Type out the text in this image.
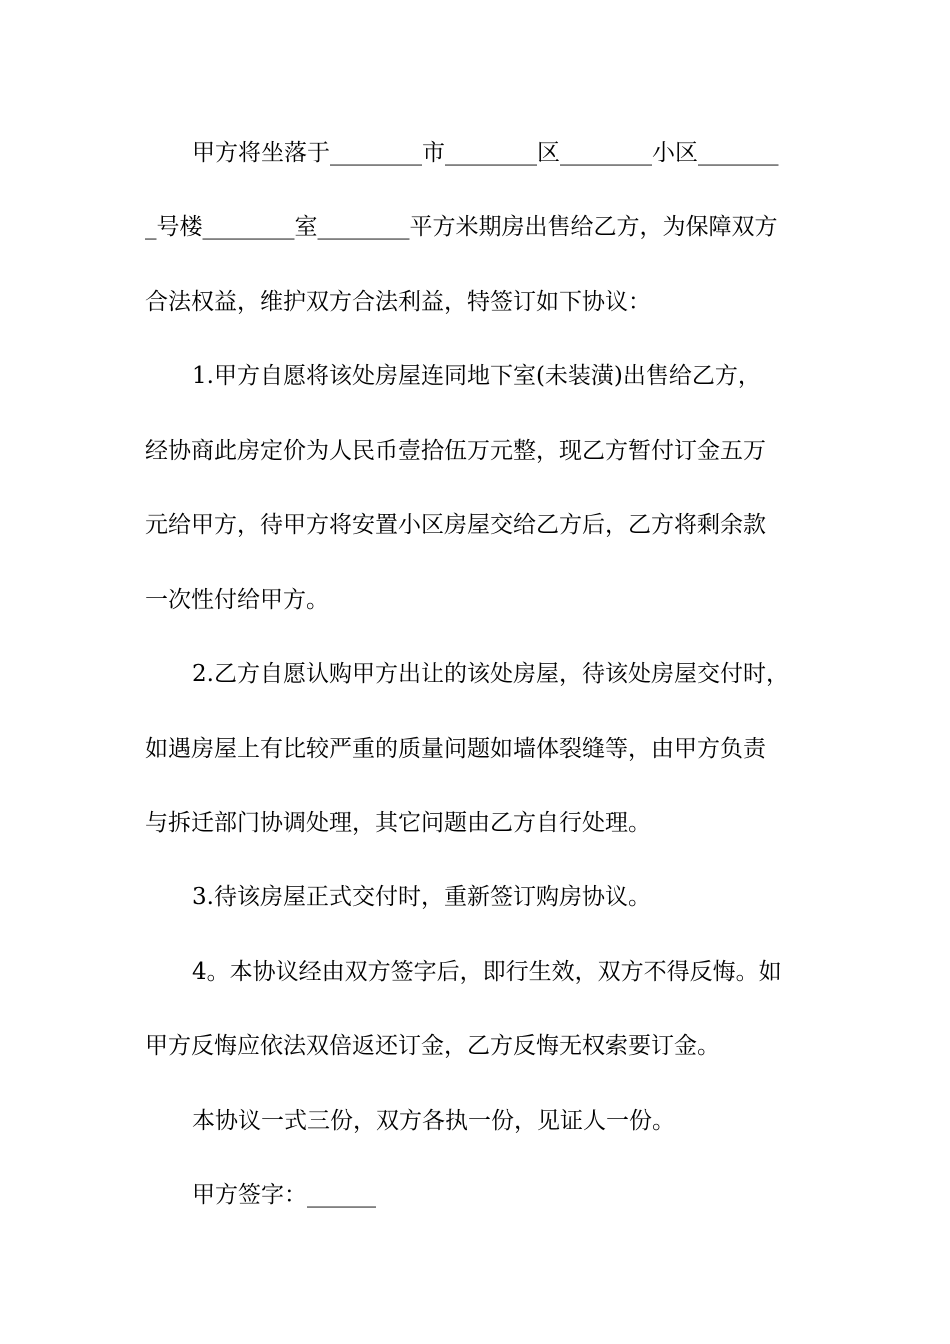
甲方将坐落于________市________区________小区_______
_号楼________室________平方米期房出售给乙方，为保障双方
合法权益，维护双方合法利益，特签订如下协议：
1.甲方自愿将该处房屋连同地下室(未装潢)出售给乙方，
经协商此房定价为人民币壹拾伍万元整，现乙方暂付订金五万
元给甲方，待甲方将安置小区房屋交给乙方后，乙方将剩余款
一次性付给甲方。
2.乙方自愿认购甲方出让的该处房屋，待该处房屋交付时，
如遇房屋上有比较严重的质量问题如墙体裂缝等，由甲方负责
与拆迁部门协调处理，其它问题由乙方自行处理。
3.待该房屋正式交付时，重新签订购房协议。
4。本协议经由双方签字后，即行生效，双方不得反悔。如
甲方反悔应依法双倍返还订金，乙方反悔无权索要订金。
本协议一式三份，双方各执一份，见证人一份。
甲方签字：______
